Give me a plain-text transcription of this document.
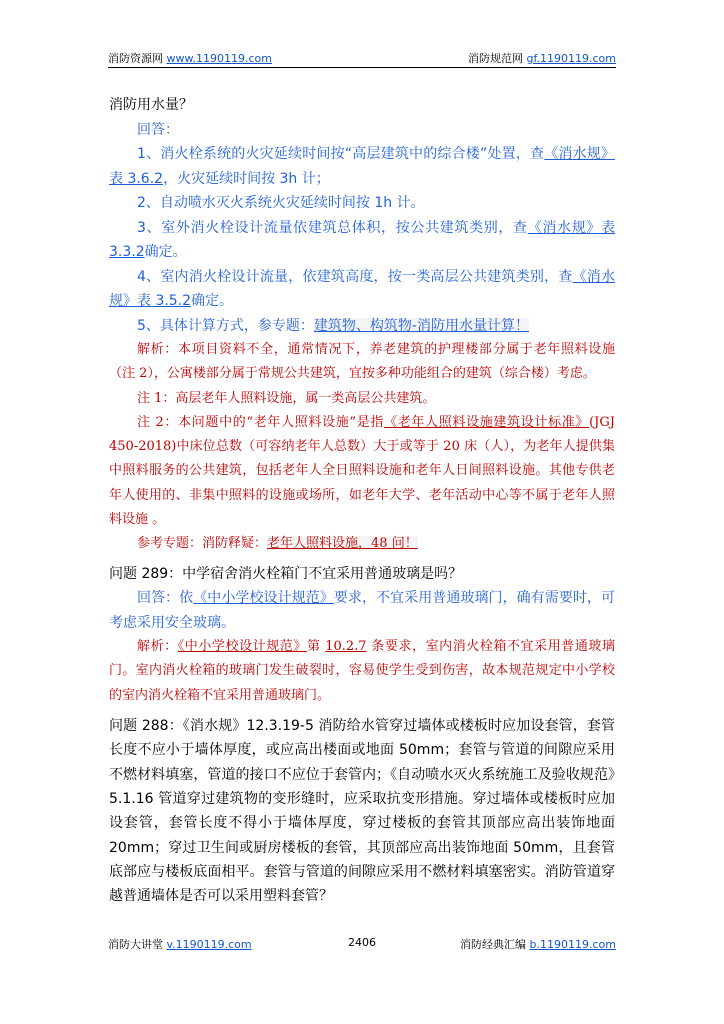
消防资源网 www.1190119.com	消防规范网 gf.1190119.com

消防用水量？

回答：

1、消火栓系统的火灾延续时间按“高层建筑中的综合楼”处置，查《消水规》表 3.6.2，火灾延续时间按 3h 计；

2、自动喷水灭火系统火灾延续时间按 1h 计。

3、室外消火栓设计流量依建筑总体积，按公共建筑类别，查《消水规》表 3.3.2确定。

4、室内消火栓设计流量，依建筑高度，按一类高层公共建筑类别，查《消水规》表 3.5.2确定。

5、具体计算方式，参专题：建筑物、构筑物-消防用水量计算！

解析：本项目资料不全，通常情况下，养老建筑的护理楼部分属于老年照料设施（注 2），公寓楼部分属于常规公共建筑，宜按多种功能组合的建筑（综合楼）考虑。

注 1：高层老年人照料设施，属一类高层公共建筑。

注 2：本问题中的“老年人照料设施”是指《老年人照料设施建筑设计标准》(JGJ 450-2018)中床位总数（可容纳老年人总数）大于或等于 20 床（人），为老年人提供集中照料服务的公共建筑，包括老年人全日照料设施和老年人日间照料设施。其他专供老年人使用的、非集中照料的设施或场所，如老年大学、老年活动中心等不属于老年人照料设施 。

参考专题：消防释疑：老年人照料设施，48 问！

问题 289：中学宿舍消火栓箱门不宜采用普通玻璃是吗？

回答：依《中小学校设计规范》要求，不宜采用普通玻璃门，确有需要时，可考虑采用安全玻璃。

解析：《中小学校设计规范》第 10.2.7 条要求，室内消火栓箱不宜采用普通玻璃门。室内消火栓箱的玻璃门发生破裂时，容易使学生受到伤害，故本规范规定中小学校的室内消火栓箱不宜采用普通玻璃门。

问题 288：《消水规》12.3.19-5 消防给水管穿过墙体或楼板时应加设套管，套管长度不应小于墙体厚度，或应高出楼面或地面 50mm；套管与管道的间隙应采用不燃材料填塞，管道的接口不应位于套管内；《自动喷水灭火系统施工及验收规范》5.1.16 管道穿过建筑物的变形缝时，应采取抗变形措施。穿过墙体或楼板时应加设套管，套管长度不得小于墙体厚度，穿过楼板的套管其顶部应高出装饰地面 20mm；穿过卫生间或厨房楼板的套管，其顶部应高出装饰地面 50mm，且套管底部应与楼板底面相平。套管与管道的间隙应采用不燃材料填塞密实。消防管道穿越普通墙体是否可以采用塑料套管？

消防大讲堂 v.1190119.com	2406	消防经典汇编 b.1190119.com
